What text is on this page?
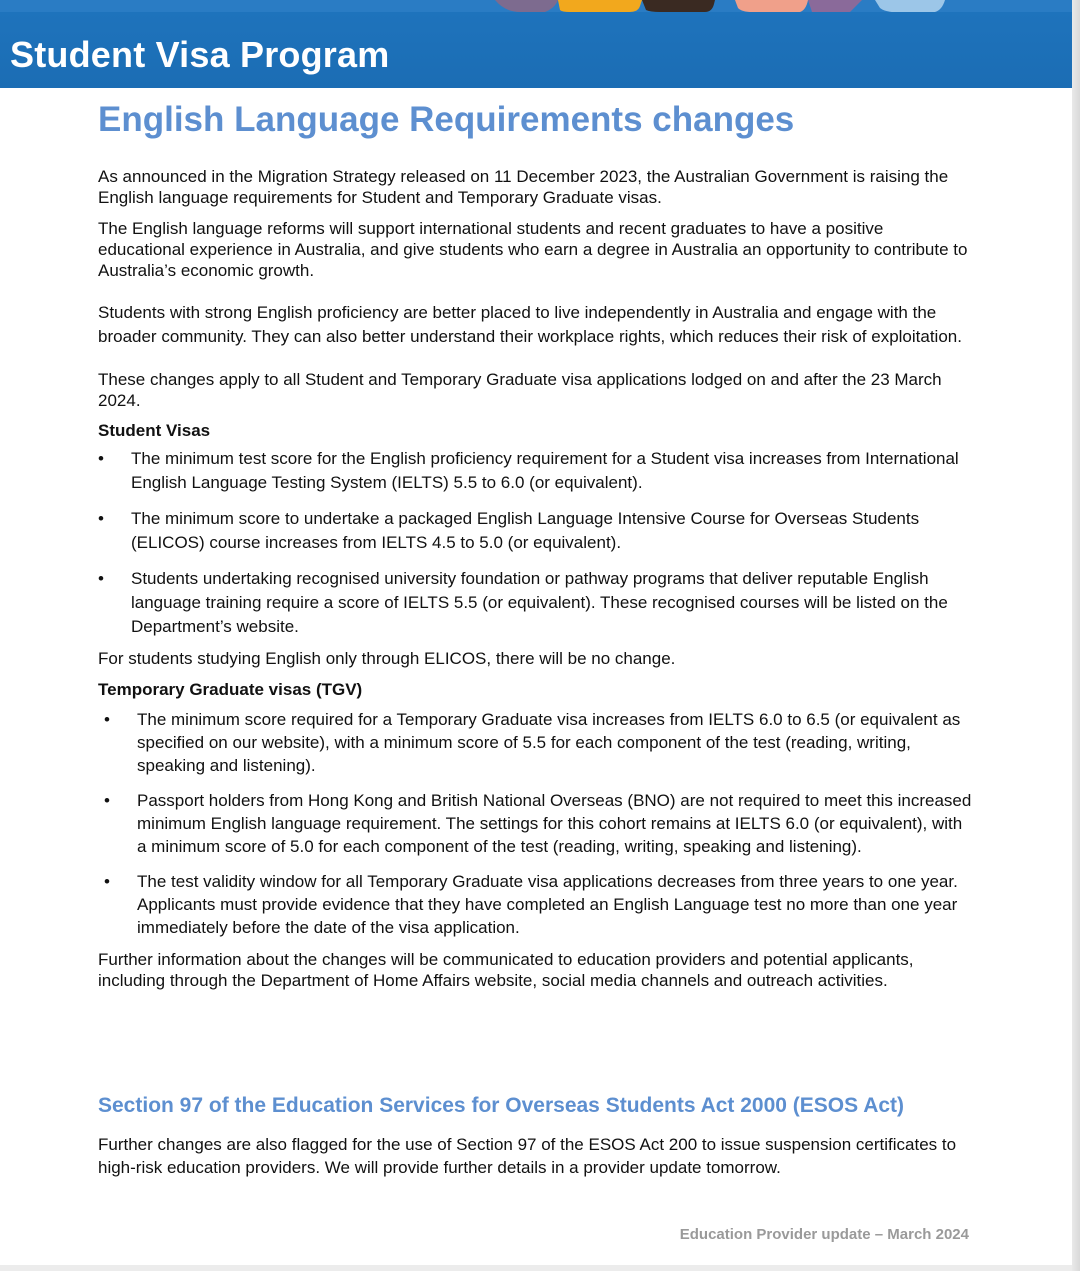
Student Visa Program
English Language Requirements changes

As announced in the Migration Strategy released on 11 December 2023, the Australian Government is raising the English language requirements for Student and Temporary Graduate visas.

The English language reforms will support international students and recent graduates to have a positive educational experience in Australia, and give students who earn a degree in Australia an opportunity to contribute to Australia’s economic growth.

Students with strong English proficiency are better placed to live independently in Australia and engage with the broader community. They can also better understand their workplace rights, which reduces their risk of exploitation.

These changes apply to all Student and Temporary Graduate visa applications lodged on and after the 23 March 2024.

Student Visas

• The minimum test score for the English proficiency requirement for a Student visa increases from International English Language Testing System (IELTS) 5.5 to 6.0 (or equivalent).
• The minimum score to undertake a packaged English Language Intensive Course for Overseas Students (ELICOS) course increases from IELTS 4.5 to 5.0 (or equivalent).
• Students undertaking recognised university foundation or pathway programs that deliver reputable English language training require a score of IELTS 5.5 (or equivalent). These recognised courses will be listed on the Department’s website.

For students studying English only through ELICOS, there will be no change.

Temporary Graduate visas (TGV)

• The minimum score required for a Temporary Graduate visa increases from IELTS 6.0 to 6.5 (or equivalent as specified on our website), with a minimum score of 5.5 for each component of the test (reading, writing, speaking and listening).
• Passport holders from Hong Kong and British National Overseas (BNO) are not required to meet this increased minimum English language requirement. The settings for this cohort remains at IELTS 6.0 (or equivalent), with a minimum score of 5.0 for each component of the test (reading, writing, speaking and listening).
• The test validity window for all Temporary Graduate visa applications decreases from three years to one year. Applicants must provide evidence that they have completed an English Language test no more than one year immediately before the date of the visa application.

Further information about the changes will be communicated to education providers and potential applicants, including through the Department of Home Affairs website, social media channels and outreach activities.

Section 97 of the Education Services for Overseas Students Act 2000 (ESOS Act)

Further changes are also flagged for the use of Section 97 of the ESOS Act 200 to issue suspension certificates to high-risk education providers. We will provide further details in a provider update tomorrow.

Education Provider update – March 2024
